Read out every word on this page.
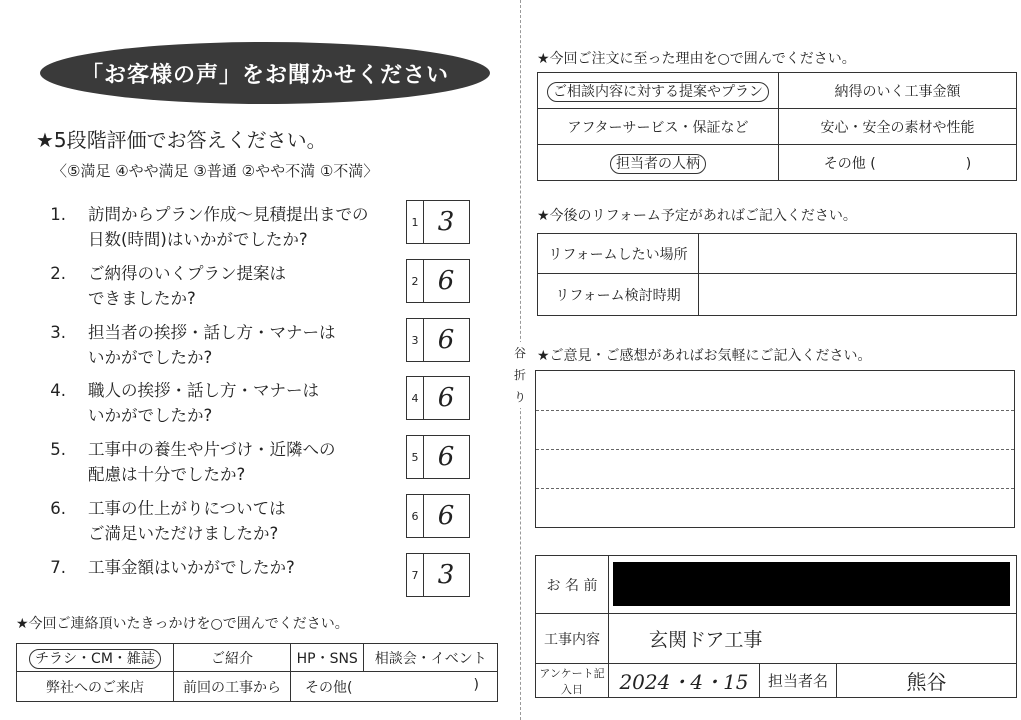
「お客様の声」をお聞かせください
★5段階評価でお答えください。
〈⑤満足 ④やや満足 ③普通 ②やや不満 ①不満〉
1. 訪問からプラン作成～見積提出までの
日数(時間)はいかがでしたか?
1 3
2. ご納得のいくプラン提案は
できましたか?
2 6
3. 担当者の挨拶・話し方・マナーは
いかがでしたか?
3 6
4. 職人の挨拶・話し方・マナーは
いかがでしたか?
4 6
5. 工事中の養生や片づけ・近隣への
配慮は十分でしたか?
5 6
6. 工事の仕上がりについては
ご満足いただけましたか?
6 6
7. 工事金額はいかがでしたか?	7 3
★今回ご連絡頂いたきっかけを○で囲んでください。
チラシ・CM・雑誌	ご紹介	HP・SNS	相談会・イベント
弊社へのご来店	前回の工事から	その他( )	
谷
折
り
★今回ご注文に至った理由を○で囲んでください。
ご相談内容に対する提案やプラン	納得のいく工事金額
アフターサービス・保証など	安心・安全の素材や性能
担当者の人柄	その他 ( )
★今後のリフォーム予定があればご記入ください。
リフォームしたい場所	
リフォーム検討時期	
★ご意見・ご感想があればお気軽にご記入ください。
お 名 前			

工事内容	玄関ドア工事		
アンケート記入日	2024・4・15	担当者名	熊谷
